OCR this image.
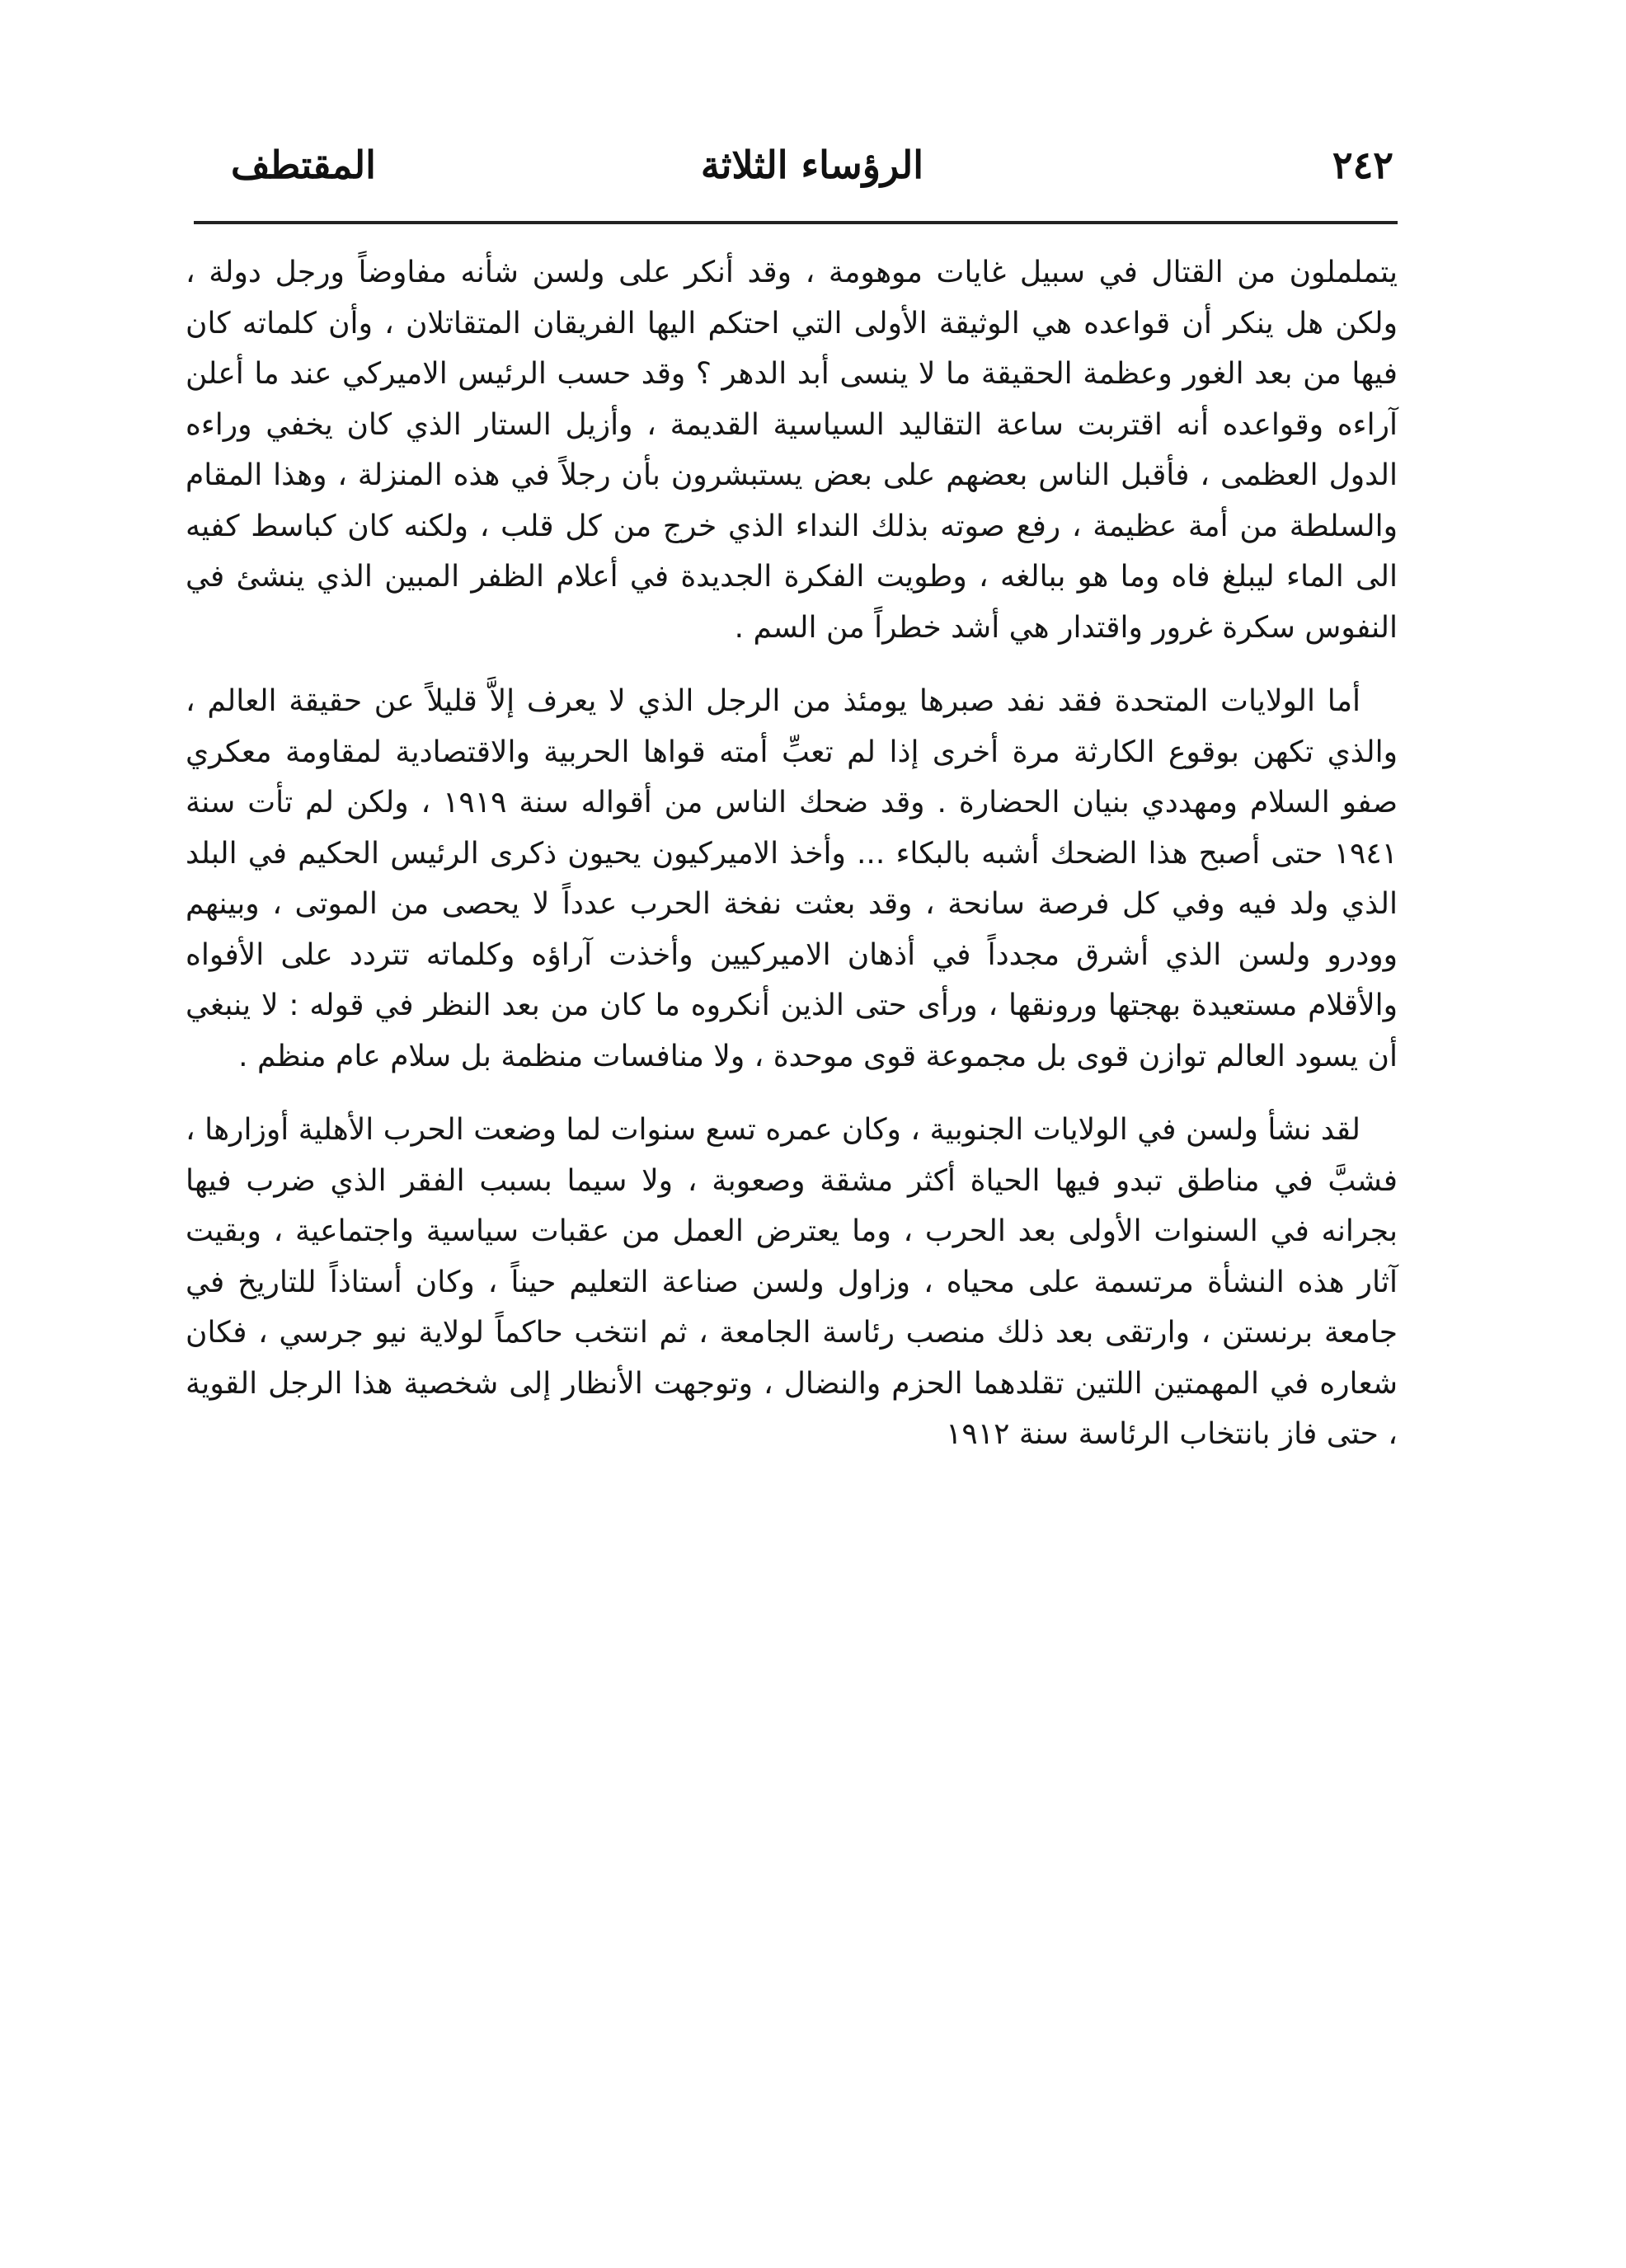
٢٤٢
الرؤساء الثلاثة
المقتطف

يتململون من القتال في سبيل غايات موهومة ، وقد أنكر على ولسن شأنه مفاوضاً ورجل دولة ، ولكن هل ينكر أن قواعده هي الوثيقة الأولى التي احتكم اليها الفريقان المتقاتلان ، وأن كلماته كان فيها من بعد الغور وعظمة الحقيقة ما لا ينسى أبد الدهر ؟ وقد حسب الرئيس الاميركي عند ما أعلن آراءه وقواعده أنه اقتربت ساعة التقاليد السياسية القديمة ، وأزيل الستار الذي كان يخفي وراءه الدول العظمى ، فأقبل الناس بعضهم على بعض يستبشرون بأن رجلاً في هذه المنزلة ، وهذا المقام والسلطة من أمة عظيمة ، رفع صوته بذلك النداء الذي خرج من كل قلب ، ولكنه كان كباسط كفيه الى الماء ليبلغ فاه وما هو ببالغه ، وطويت الفكرة الجديدة في أعلام الظفر المبين الذي ينشئ في النفوس سكرة غرور واقتدار هي أشد خطراً من السم .

أما الولايات المتحدة فقد نفد صبرها يومئذ من الرجل الذي لا يعرف إلاَّ قليلاً عن حقيقة العالم ، والذي تكهن بوقوع الكارثة مرة أخرى إذا لم تعبِّ أمته قواها الحربية والاقتصادية لمقاومة معكري صفو السلام ومهددي بنيان الحضارة . وقد ضحك الناس من أقواله سنة ١٩١٩ ، ولكن لم تأت سنة ١٩٤١ حتى أصبح هذا الضحك أشبه بالبكاء ... وأخذ الاميركيون يحيون ذكرى الرئيس الحكيم في البلد الذي ولد فيه وفي كل فرصة سانحة ، وقد بعثت نفخة الحرب عدداً لا يحصى من الموتى ، وبينهم وودرو ولسن الذي أشرق مجدداً في أذهان الاميركيين وأخذت آراؤه وكلماته تتردد على الأفواه والأقلام مستعيدة بهجتها ورونقها ، ورأى حتى الذين أنكروه ما كان من بعد النظر في قوله : لا ينبغي أن يسود العالم توازن قوى بل مجموعة قوى موحدة ، ولا منافسات منظمة بل سلام عام منظم .

لقد نشأ ولسن في الولايات الجنوبية ، وكان عمره تسع سنوات لما وضعت الحرب الأهلية أوزارها ، فشبَّ في مناطق تبدو فيها الحياة أكثر مشقة وصعوبة ، ولا سيما بسبب الفقر الذي ضرب فيها بجرانه في السنوات الأولى بعد الحرب ، وما يعترض العمل من عقبات سياسية واجتماعية ، وبقيت آثار هذه النشأة مرتسمة على محياه ، وزاول ولسن صناعة التعليم حيناً ، وكان أستاذاً للتاريخ في جامعة برنستن ، وارتقى بعد ذلك منصب رئاسة الجامعة ، ثم انتخب حاكماً لولاية نيو جرسي ، فكان شعاره في المهمتين اللتين تقلدهما الحزم والنضال ، وتوجهت الأنظار إلى شخصية هذا الرجل القوية ، حتى فاز بانتخاب الرئاسة سنة ١٩١٢
